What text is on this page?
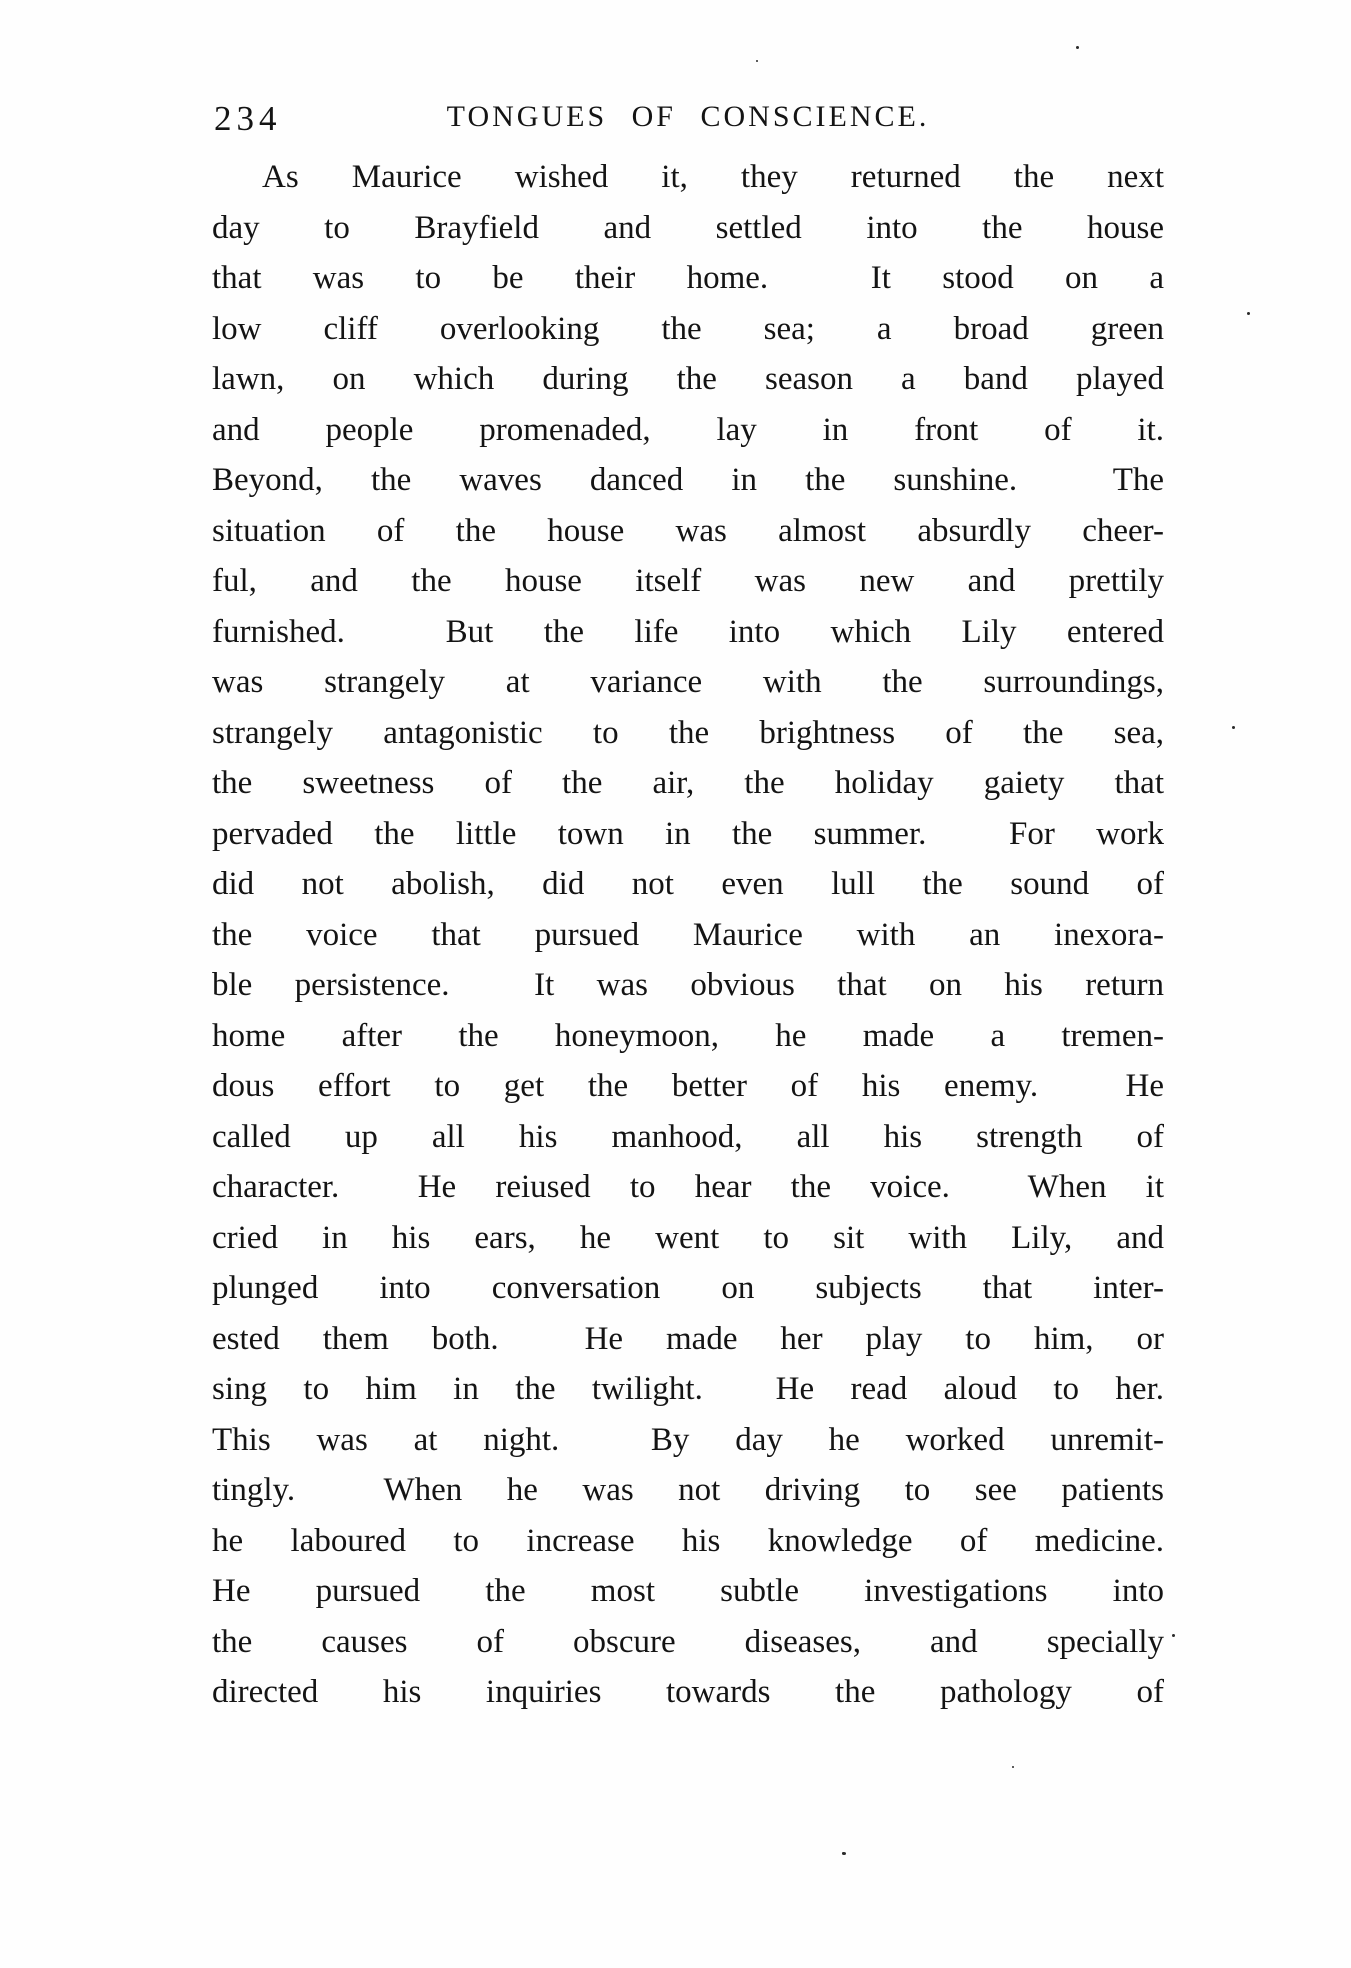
234	TONGUES OF CONSCIENCE.
As Maurice wished it, they returned the next
day to Brayfield and settled into the house
that was to be their home.  It stood on a
low cliff overlooking the sea; a broad green
lawn, on which during the season a band played
and people promenaded, lay in front of it.
Beyond, the waves danced in the sunshine.  The
situation of the house was almost absurdly cheer-
ful, and the house itself was new and prettily
furnished.  But the life into which Lily entered
was strangely at variance with the surroundings,
strangely antagonistic to the brightness of the sea,
the sweetness of the air, the holiday gaiety that
pervaded the little town in the summer.  For work
did not abolish, did not even lull the sound of
the voice that pursued Maurice with an inexora-
ble persistence.  It was obvious that on his return
home after the honeymoon, he made a tremen-
dous effort to get the better of his enemy.  He
called up all his manhood, all his strength of
character.  He reiused to hear the voice.  When it
cried in his ears, he went to sit with Lily, and
plunged into conversation on subjects that inter-
ested them both.  He made her play to him, or
sing to him in the twilight.  He read aloud to her.
This was at night.  By day he worked unremit-
tingly.  When he was not driving to see patients
he laboured to increase his knowledge of medicine.
He pursued the most subtle investigations into
the causes of obscure diseases, and specially
directed his inquiries towards the pathology of
